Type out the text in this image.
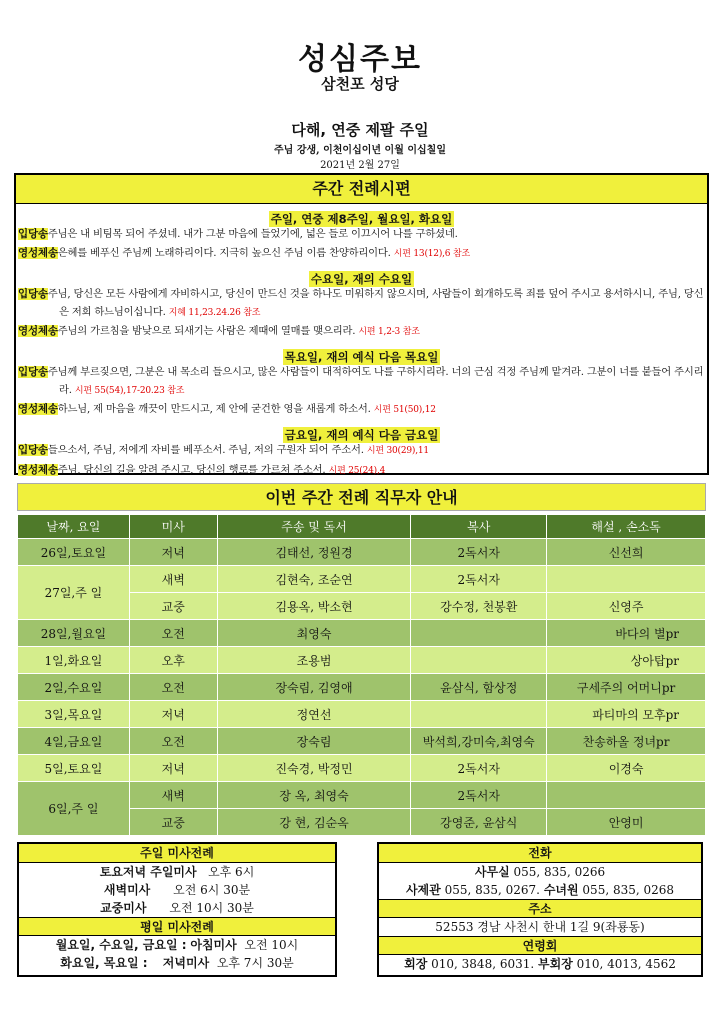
성심주보
삼천포 성당
다해, 연중 제팔 주일
주님 강생, 이천이십이년 이월 이십칠일
2021년 2월 27일
주간 전례시편
주일, 연중 제8주일, 월요일, 화요일
입당송주님은 내 비팀목 되어 주셨네. 내가 그분 마음에 들었기에, 넓은 들로 이끄시어 나를 구하셨네.
영성체송은혜를 베푸신 주님께 노래하리이다. 지극히 높으신 주님 이름 찬양하리이다. 시편 13(12),6 참조
수요일, 재의 수요일
입당송주님, 당신은 모든 사람에게 자비하시고, 당신이 만드신 것을 하나도 미워하지 않으시며, 사람들이 회개하도록 죄를 덮어 주시고 용서하시니, 주님, 당신은 저희 하느님이십니다. 지혜 11,23.24.26 참조
영성체송주님의 가르침을 밤낮으로 되새기는 사람은 제때에 열매를 맺으리라. 시편 1,2-3 참조
목요일, 재의 예식 다음 목요일
입당송주님께 부르짖으면, 그분은 내 목소리 들으시고, 많은 사람들이 대적하여도 나를 구하시리라. 너의 근심 걱정 주님께 맡겨라. 그분이 너를 붙들어 주시리라. 시편 55(54),17-20.23 참조
영성체송하느님, 제 마음을 깨끗이 만드시고, 제 안에 굳건한 영을 새롭게 하소서. 시편 51(50),12
금요일, 재의 예식 다음 금요일
입당송들으소서, 주님, 저에게 자비를 베푸소서. 주님, 저의 구원자 되어 주소서. 시편 30(29),11
영성체송주님, 당신의 길을 알려 주시고, 당신의 행로를 가르쳐 주소서. 시편 25(24),4
이번 주간 전례 직무자 안내
날짜, 요일	미사	주송 및 독서	복사	해설 , 손소독
26일,토요일	저녁	김태선, 정원경	2독서자	신선희
27일,주 일	새벽	김현숙, 조순연	2독서자	
	교중	김용옥, 박소현	강수정, 천봉환	신영주
28일,월요일	오전	최영숙		바다의 별pr
1일,화요일	오후	조용범		상아탑pr
2일,수요일	오전	장숙림, 김영애	윤삼식, 함상정	구세주의 어머니pr
3일,목요일	저녁	정연선		파티마의 모후pr
4일,금요일	오전	장숙림	박석희,강미숙,최영숙	찬송하올 정녀pr
5일,토요일	저녁	진숙경, 박정민	2독서자	이경숙
6일,주 일	새벽	장 옥, 최영숙	2독서자	
	교중	강 현, 김순옥	강영준, 윤삼식	안영미
주일 미사전례
토요저녁 주일미사 오후 6시
새벽미사 오전 6시 30분
교중미사 오전 10시 30분
평일 미사전례
월요일, 수요일, 금요일 : 아침미사 오전 10시
화요일, 목요일 : 저녁미사 오후 7시 30분
전화
사무실 055, 835, 0266
사제관 055, 835, 0267. 수녀원 055, 835, 0268
주소
52553 경남 사천시 한내 1길 9(좌룡동)
연령회
회장 010, 3848, 6031. 부회장 010, 4013, 4562
